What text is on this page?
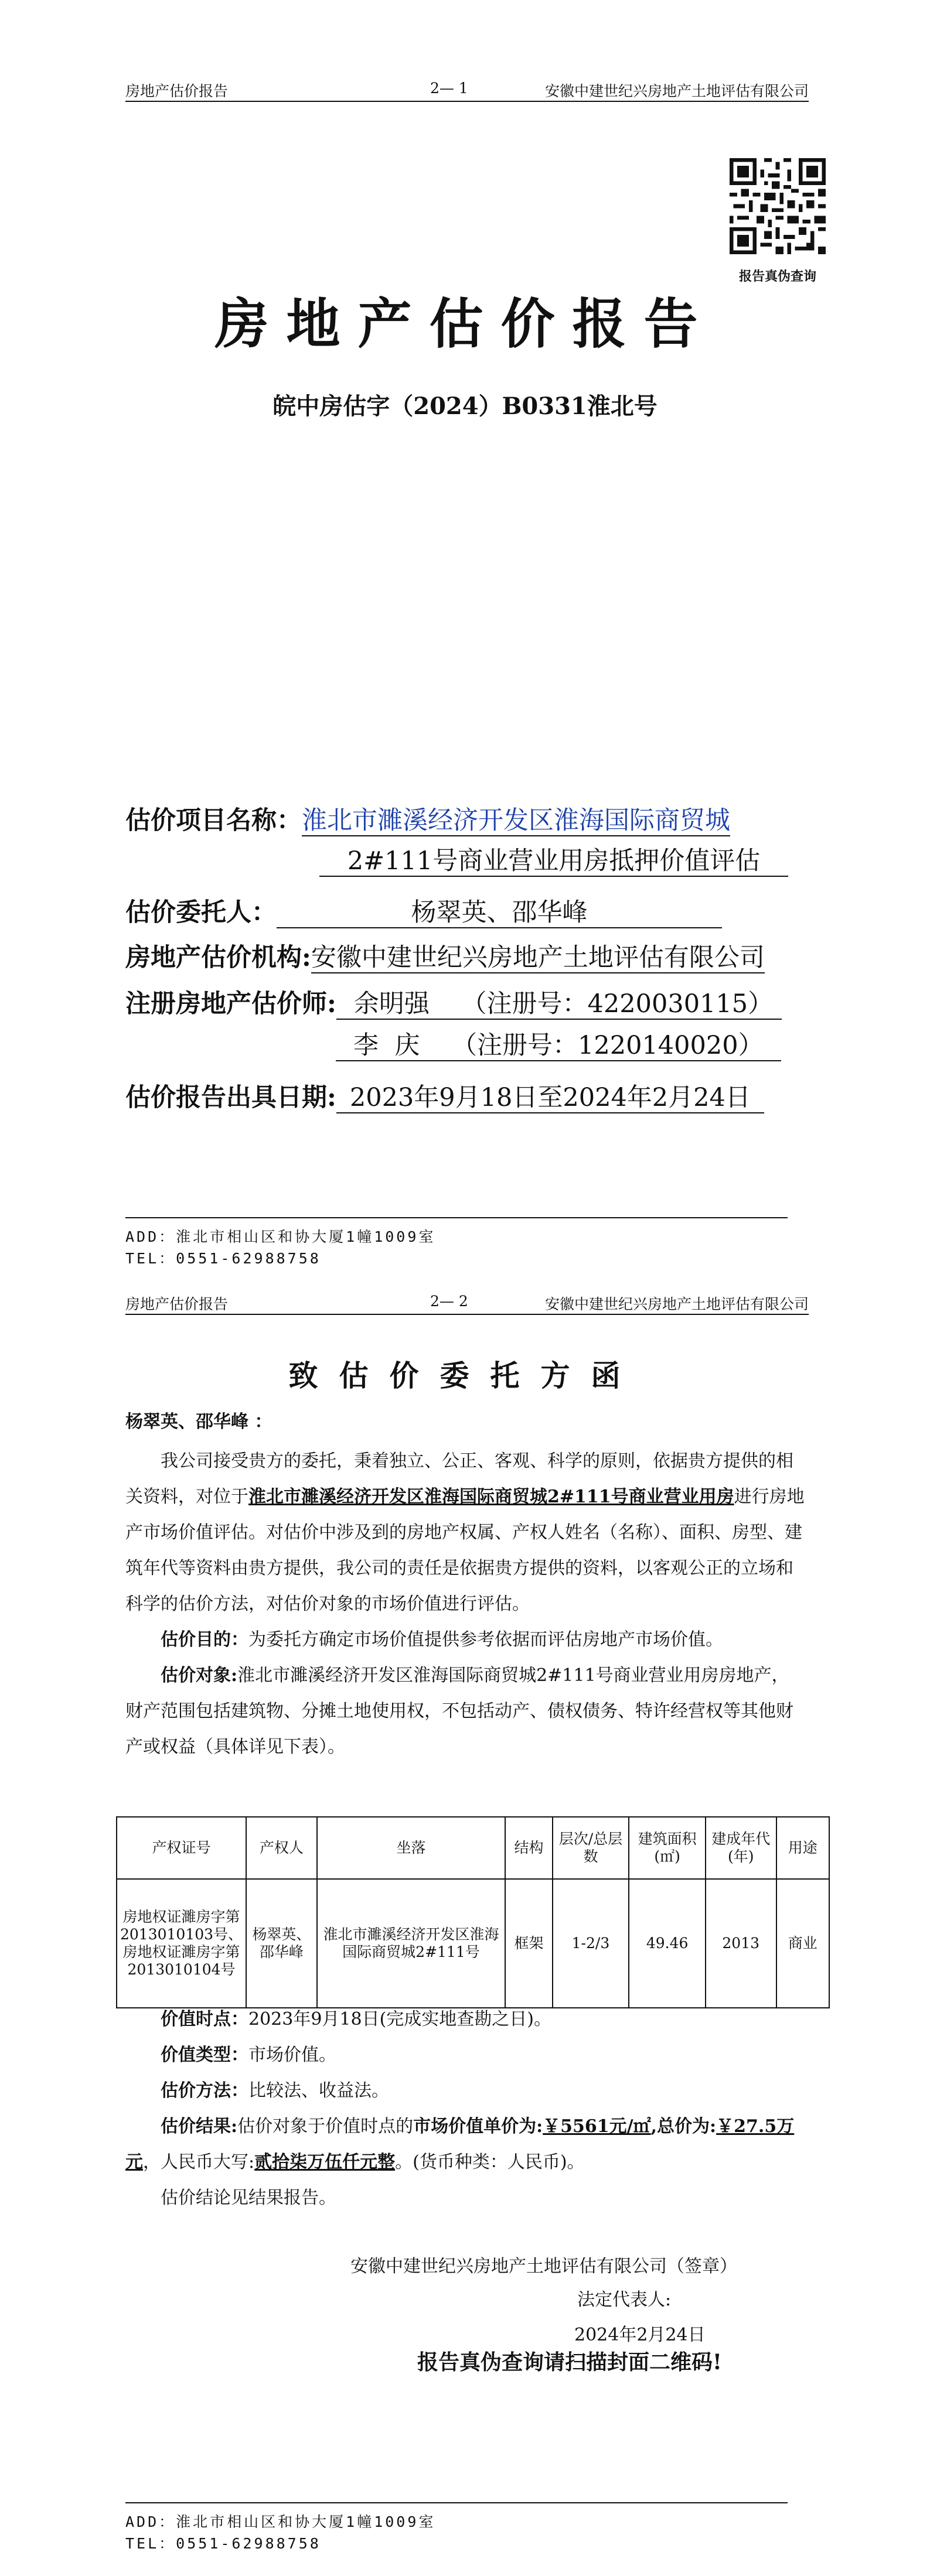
房地产估价报告	2— 1	安徽中建世纪兴房地产土地评估有限公司
报告真伪查询
房地产估价报告
皖中房估字（2024）B0331淮北号
估价项目名称：淮北市濉溪经济开发区淮海国际商贸城
2#111号商业营业用房抵押价值评估
估价委托人：	杨翠英、邵华峰
房地产估价机构:安徽中建世纪兴房地产土地评估有限公司
注册房地产估价师: 余明强    （注册号：4220030115）
李  庆    （注册号：1220140020）
估价报告出具日期: 2023年9月18日至2024年2月24日
ADD：淮北市相山区和协大厦1幢1009室
TEL：0551-62988758
房地产估价报告	2— 2	安徽中建世纪兴房地产土地评估有限公司
致估价委托方函
杨翠英、邵华峰 ：

我公司接受贵方的委托，秉着独立、公正、客观、科学的原则，依据贵方提供的相关资料，对位于淮北市濉溪经济开发区淮海国际商贸城2#111号商业营业用房进行房地产市场价值评估。对估价中涉及到的房地产权属、产权人姓名（名称）、面积、房型、建筑年代等资料由贵方提供，我公司的责任是依据贵方提供的资料，以客观公正的立场和科学的估价方法，对估价对象的市场价值进行评估。

估价目的：为委托方确定市场价值提供参考依据而评估房地产市场价值。

估价对象:淮北市濉溪经济开发区淮海国际商贸城2#111号商业营业用房房地产，财产范围包括建筑物、分摊土地使用权，不包括动产、债权债务、特许经营权等其他财产或权益（具体详见下表）。

产权证号	产权人	坐落	结构	层次/总层数	建筑面积(㎡)	建成年代(年)	用途
房地权证濉房字第2013010103号、房地权证濉房字第2013010104号	杨翠英、邵华峰	淮北市濉溪经济开发区淮海国际商贸城2#111号	框架	1-2/3	49.46	2013	商业

价值时点：2023年9月18日(完成实地查勘之日)。

价值类型：市场价值。

估价方法：比较法、收益法。

估价结果:估价对象于价值时点的市场价值单价为:￥5561元/㎡,总价为:￥27.5万元，人民币大写:贰拾柒万伍仟元整。(货币种类：人民币)。

估价结论见结果报告。

安徽中建世纪兴房地产土地评估有限公司（签章）
法定代表人:
2024年2月24日
报告真伪查询请扫描封面二维码!
ADD：淮北市相山区和协大厦1幢1009室
TEL：0551-62988758
